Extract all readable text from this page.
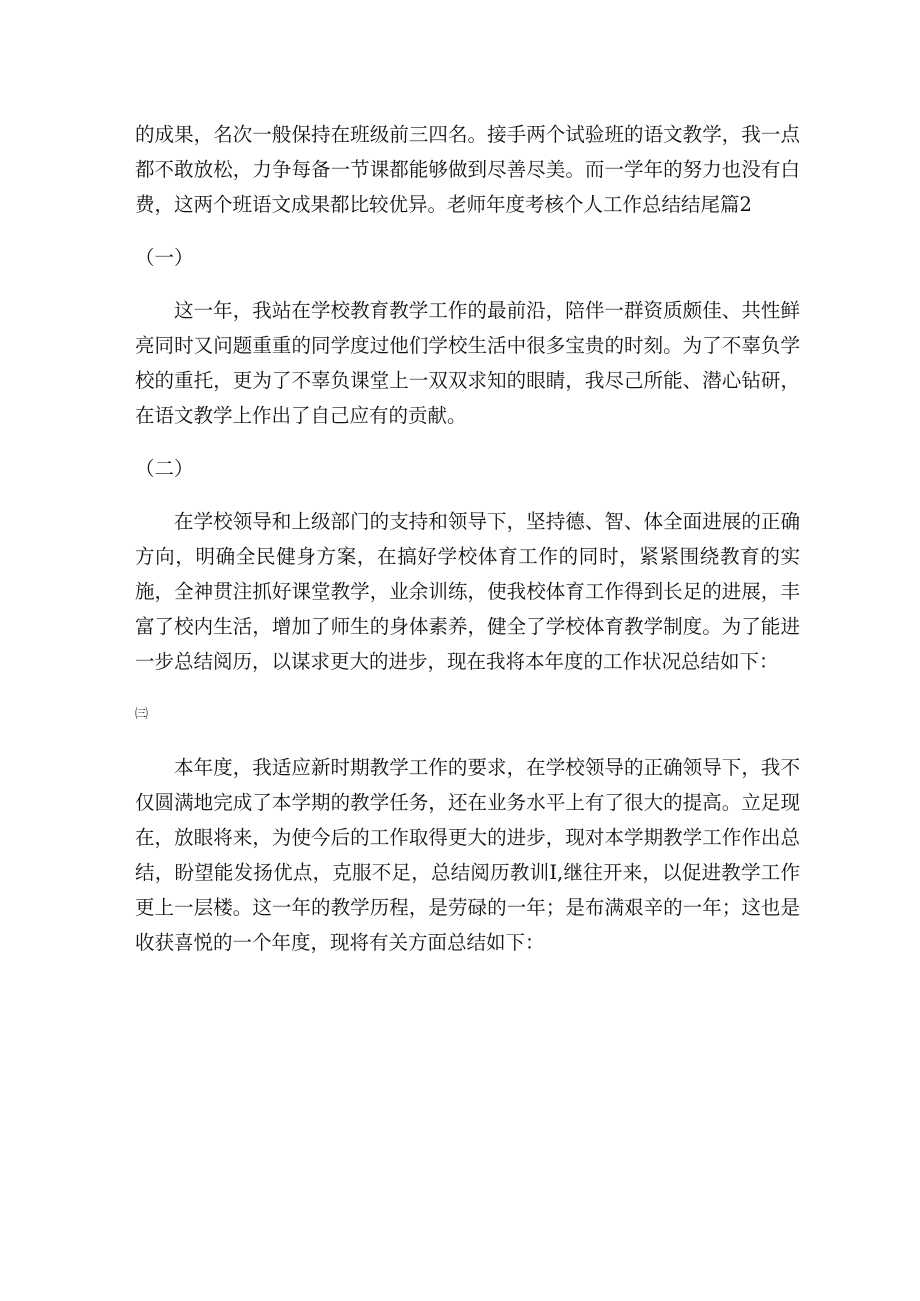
的成果，名次一般保持在班级前三四名。接手两个试验班的语文教学，我一点都不敢放松，力争每备一节课都能够做到尽善尽美。而一学年的努力也没有白费，这两个班语文成果都比较优异。老师年度考核个人工作总结结尾篇2

（一）

这一年，我站在学校教育教学工作的最前沿，陪伴一群资质颇佳、共性鲜亮同时又问题重重的同学度过他们学校生活中很多宝贵的时刻。为了不辜负学校的重托，更为了不辜负课堂上一双双求知的眼睛，我尽己所能、潜心钻研，在语文教学上作出了自己应有的贡献。

（二）

在学校领导和上级部门的支持和领导下，坚持德、智、体全面进展的正确方向，明确全民健身方案，在搞好学校体育工作的同时，紧紧围绕教育的实施，全神贯注抓好课堂教学，业余训练，使我校体育工作得到长足的进展，丰富了校内生活，增加了师生的身体素养，健全了学校体育教学制度。为了能进一步总结阅历，以谋求更大的进步，现在我将本年度的工作状况总结如下：

㈢

本年度，我适应新时期教学工作的要求，在学校领导的正确领导下，我不仅圆满地完成了本学期的教学任务，还在业务水平上有了很大的提高。立足现在，放眼将来，为使今后的工作取得更大的进步，现对本学期教学工作作出总结，盼望能发扬优点，克服不足，总结阅历教训I,继往开来，以促进教学工作更上一层楼。这一年的教学历程，是劳碌的一年；是布满艰辛的一年；这也是收获喜悦的一个年度，现将有关方面总结如下：
